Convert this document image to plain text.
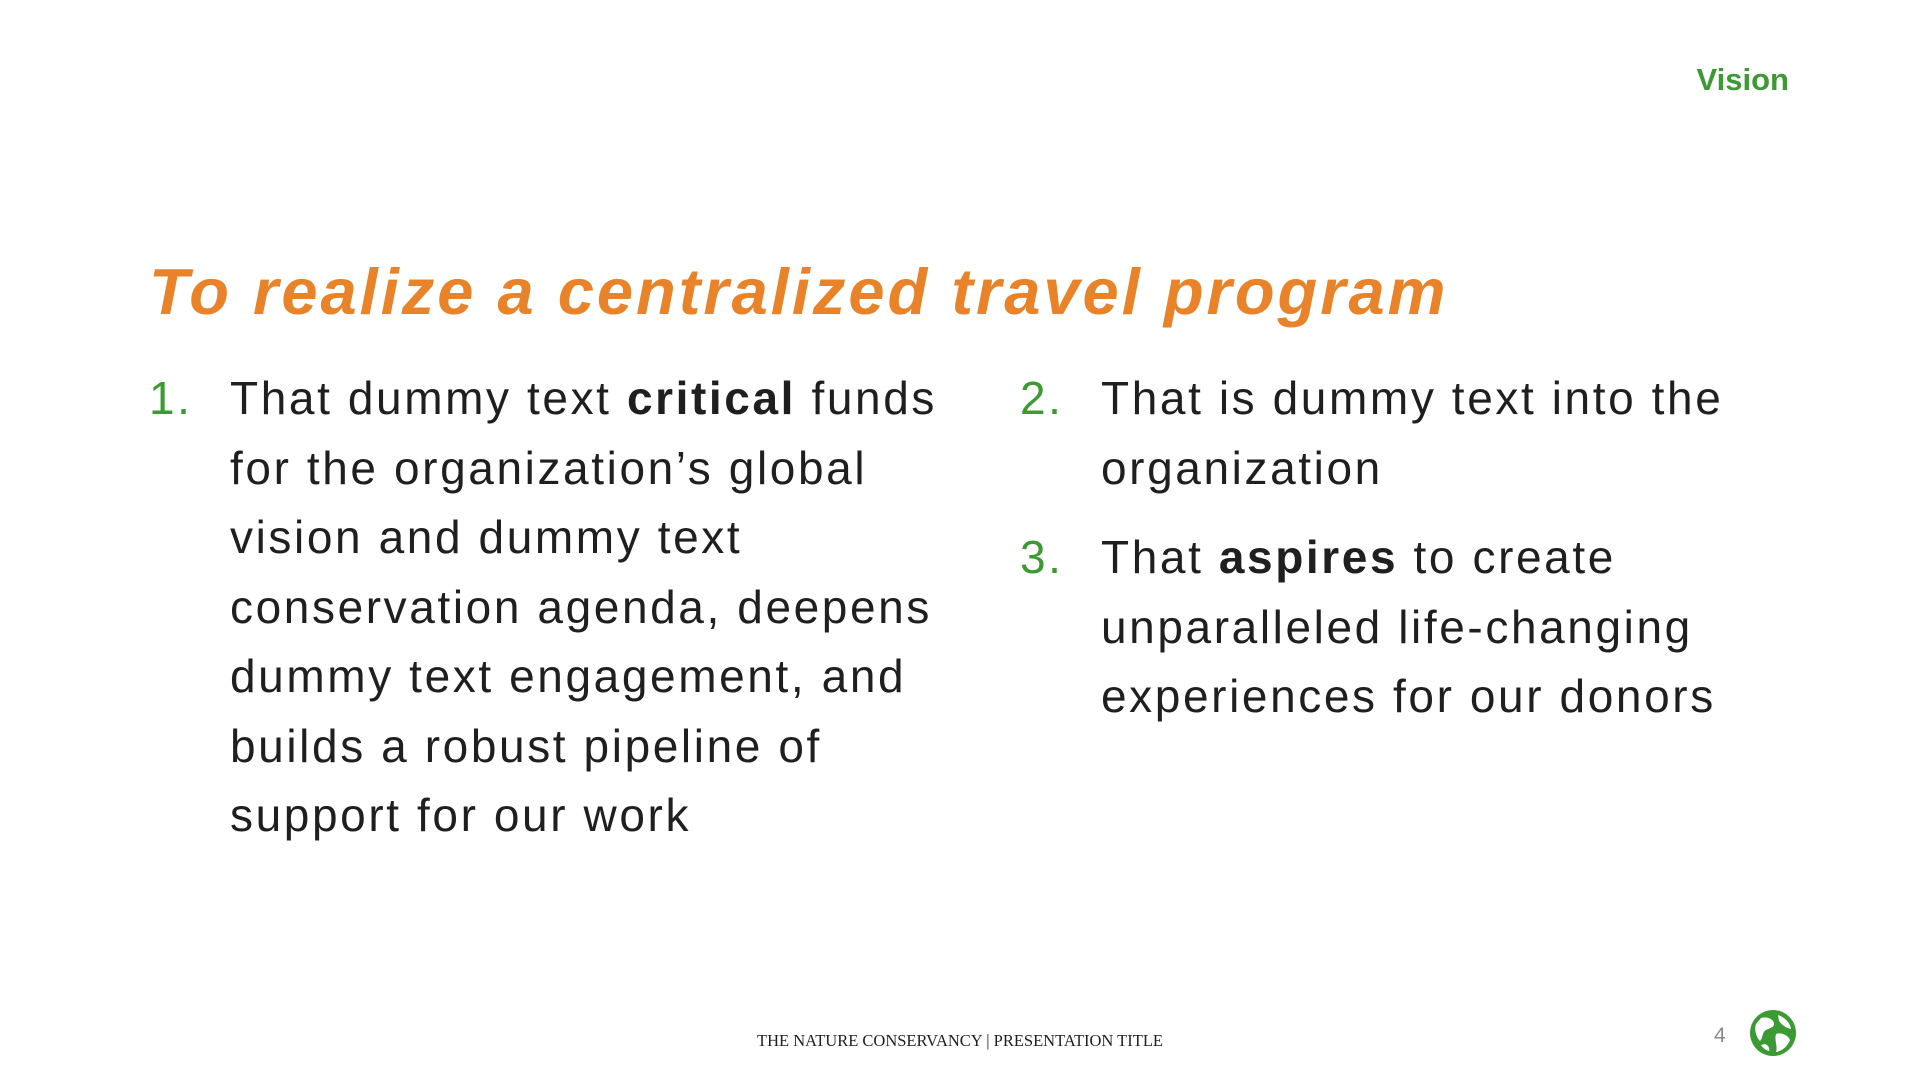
Vision
To realize a centralized travel program
1. That dummy text critical funds for the organization’s global vision and dummy text conservation agenda, deepens dummy text engagement, and builds a robust pipeline of support for our work
2. That is dummy text into the organization
3. That aspires to create unparalleled life-changing experiences for our donors
THE NATURE CONSERVANCY | PRESENTATION TITLE	4
